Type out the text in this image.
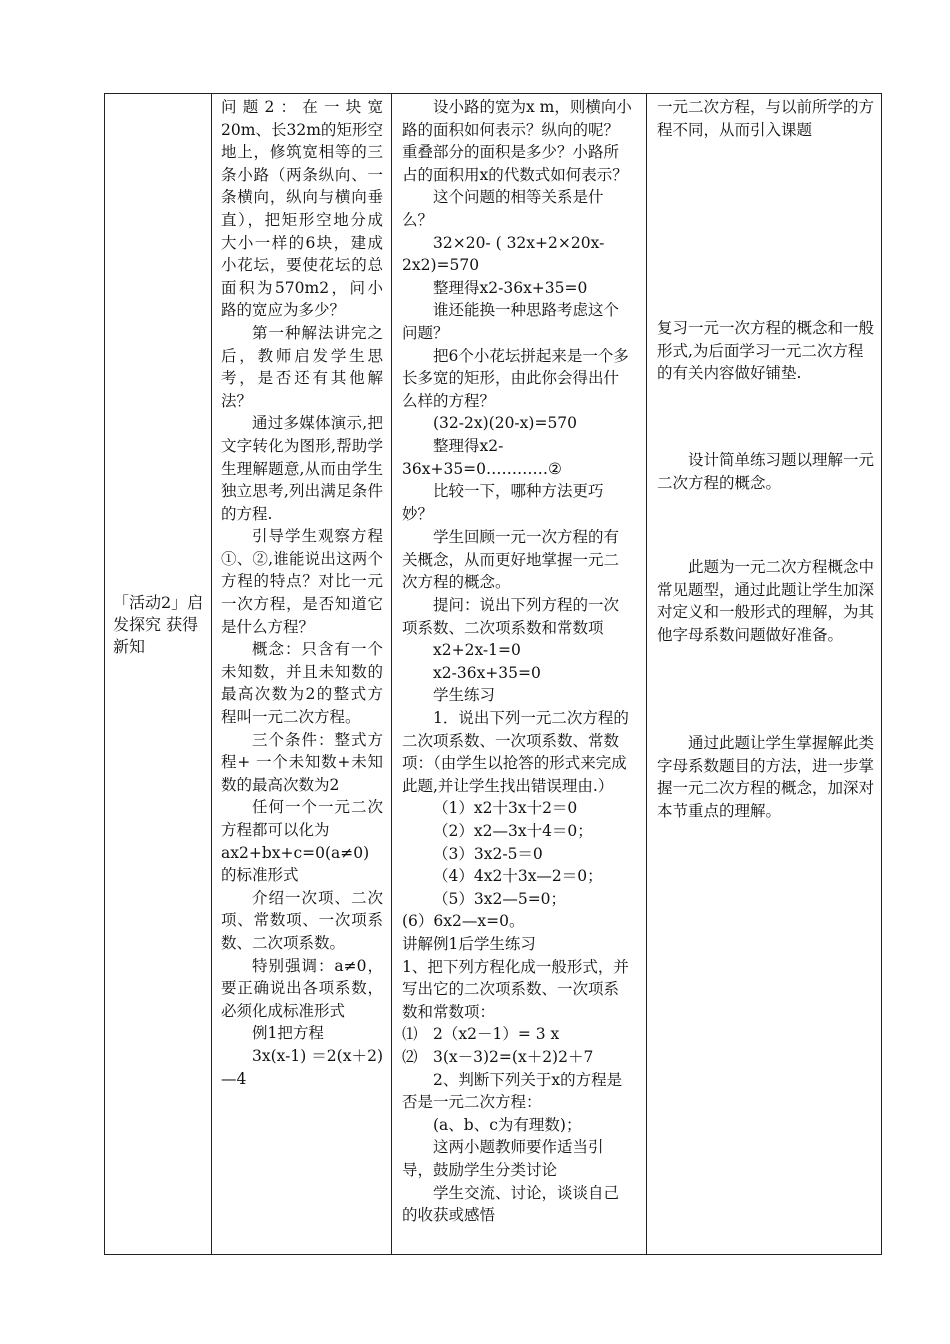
「活动2」启发探究 获得新知

问题2：在一块宽20m、长32m的矩形空地上，修筑宽相等的三条小路（两条纵向、一条横向，纵向与横向垂直），把矩形空地分成大小一样的6块，建成小花坛，要使花坛的总面积为570m2，问小路的宽应为多少？

第一种解法讲完之后，教师启发学生思考，是否还有其他解法？

通过多媒体演示,把文字转化为图形,帮助学生理解题意,从而由学生独立思考,列出满足条件的方程.

引导学生观察方程①、②,谁能说出这两个方程的特点？对比一元一次方程，是否知道它是什么方程？

概念：只含有一个未知数，并且未知数的最高次数为2的整式方程叫一元二次方程。

三个条件：整式方程+ 一个未知数+未知数的最高次数为2

任何一个一元二次方程都可以化为

ax2+bx+c=0(a≠0)的标准形式

介绍一次项、二次项、常数项、一次项系数、二次项系数。

特别强调：a≠0，要正确说出各项系数，必须化成标准形式

例1把方程

3x(x-1) ＝2(x＋2)—4

设小路的宽为x m，则横向小路的面积如何表示？纵向的呢？重叠部分的面积是多少？小路所占的面积用x的代数式如何表示？

这个问题的相等关系是什么？

32×20- ( 32x+2×20x-2x2)=570

整理得x2-36x+35=0

谁还能换一种思路考虑这个问题？

把6个小花坛拼起来是一个多长多宽的矩形，由此你会得出什么样的方程？

(32-2x)(20-x)=570

整理得x2-36x+35=0…………②

比较一下，哪种方法更巧妙？

学生回顾一元一次方程的有关概念，从而更好地掌握一元二次方程的概念。

提问：说出下列方程的一次项系数、二次项系数和常数项

x2+2x-1=0

x2-36x+35=0

学生练习

1．说出下列一元二次方程的二次项系数、一次项系数、常数项：（由学生以抢答的形式来完成此题,并让学生找出错误理由.）

（1）x2十3x十2＝0

（2）x2—3x十4＝0；

（3）3x2-5＝0

（4）4x2十3x—2＝0；

（5）3x2—5=0；

(6）6x2—x=0。

讲解例1后学生练习

1、把下列方程化成一般形式，并写出它的二次项系数、一次项系数和常数项：

⑴　2（x2－1）= 3 x

⑵　3(x－3)2=(x＋2)2＋7

2、判断下列关于x的方程是否是一元二次方程：

(a、b、c为有理数)；

这两小题教师要作适当引导，鼓励学生分类讨论

学生交流、讨论，谈谈自己的收获或感悟

一元二次方程，与以前所学的方程不同，从而引入课题

复习一元一次方程的概念和一般形式,为后面学习一元二次方程的有关内容做好铺垫.

设计简单练习题以理解一元二次方程的概念。

此题为一元二次方程概念中常见题型，通过此题让学生加深对定义和一般形式的理解，为其他字母系数问题做好准备。

通过此题让学生掌握解此类字母系数题目的方法，进一步掌握一元二次方程的概念，加深对本节重点的理解。
